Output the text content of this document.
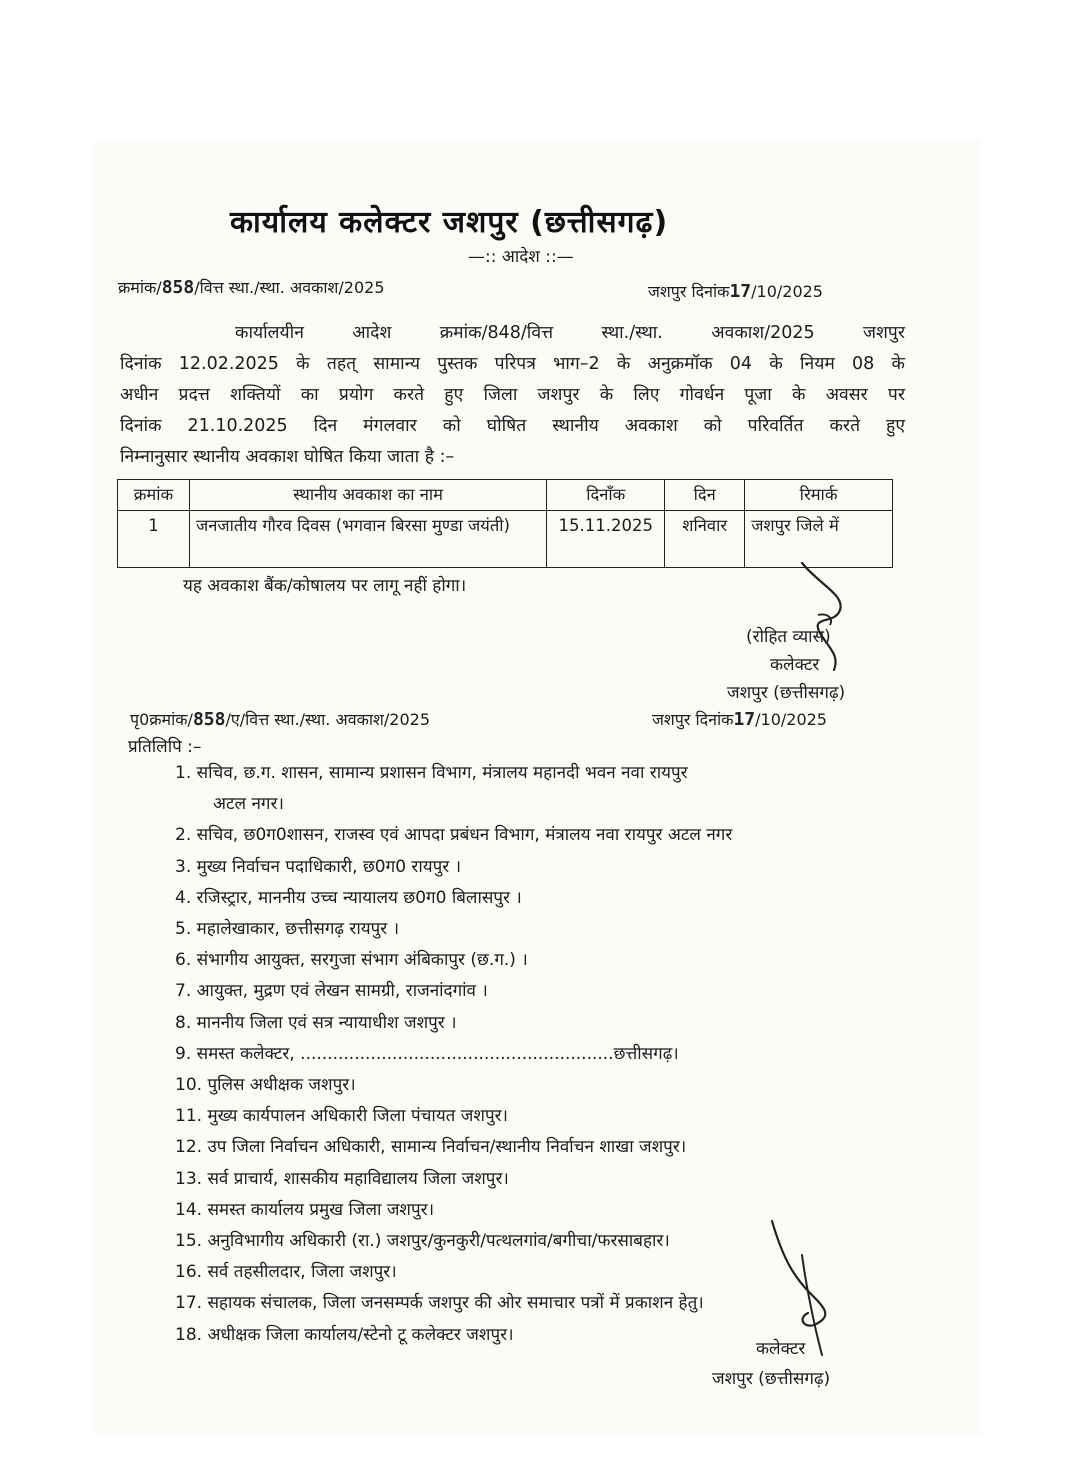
कार्यालय कलेक्टर जशपुर (छत्तीसगढ़)
—:: आदेश ::—
क्रमांक/858/वित्त स्था./स्था. अवकाश/2025	जशपुर दिनांक17/10/2025

कार्यालयीन आदेश क्रमांक/848/वित्त स्था./स्था. अवकाश/2025 जशपुर

दिनांक 12.02.2025 के तहत् सामान्य पुस्तक परिपत्र भाग–2 के अनुक्रमॉक 04 के नियम 08 के

अधीन प्रदत्त शक्तियों का प्रयोग करते हुए जिला जशपुर के लिए गोवर्धन पूजा के अवसर पर

दिनांक 21.10.2025 दिन मंगलवार को घोषित स्थानीय अवकाश को परिवर्तित करते हुए

निम्नानुसार स्थानीय अवकाश घोषित किया जाता है :–

क्रमांक	स्थानीय अवकाश का नाम	दिनाँक	दिन	रिमार्क
1	जनजातीय गौरव दिवस (भगवान बिरसा मुण्डा जयंती)	15.11.2025	शनिवार	जशपुर जिले में
यह अवकाश बैंक/कोषालय पर लागू नहीं होगा।
(रोहित व्यास)
कलेक्टर
जशपुर (छत्तीसगढ़)
पृ0क्रमांक/858/ए/वित्त स्था./स्था. अवकाश/2025	जशपुर दिनांक17/10/2025
प्रतिलिपि :–
1. सचिव, छ.ग. शासन, सामान्य प्रशासन विभाग, मंत्रालय महानदी भवन नवा रायपुर
अटल नगर।
2. सचिव, छ0ग0शासन, राजस्व एवं आपदा प्रबंधन विभाग, मंत्रालय नवा रायपुर अटल नगर
3. मुख्य निर्वाचन पदाधिकारी, छ0ग0 रायपुर ।
4. रजिस्ट्रार, माननीय उच्च न्यायालय छ0ग0 बिलासपुर ।
5. महालेखाकार, छत्तीसगढ़ रायपुर ।
6. संभागीय आयुक्त, सरगुजा संभाग अंबिकापुर (छ.ग.) ।
7. आयुक्त, मुद्रण एवं लेखन सामग्री, राजनांदगांव ।
8. माननीय जिला एवं सत्र न्यायाधीश जशपुर ।
9. समस्त कलेक्टर, ..........................................................छत्तीसगढ़।
10. पुलिस अधीक्षक जशपुर।
11. मुख्य कार्यपालन अधिकारी जिला पंचायत जशपुर।
12. उप जिला निर्वाचन अधिकारी, सामान्य निर्वाचन/स्थानीय निर्वाचन शाखा जशपुर।
13. सर्व प्राचार्य, शासकीय महाविद्यालय जिला जशपुर।
14. समस्त कार्यालय प्रमुख जिला जशपुर।
15. अनुविभागीय अधिकारी (रा.) जशपुर/कुनकुरी/पत्थलगांव/बगीचा/फरसाबहार।
16. सर्व तहसीलदार, जिला जशपुर।
17. सहायक संचालक, जिला जनसम्पर्क जशपुर की ओर समाचार पत्रों में प्रकाशन हेतु।
18. अधीक्षक जिला कार्यालय/स्टेनो टू कलेक्टर जशपुर।
कलेक्टर
जशपुर (छत्तीसगढ़)
